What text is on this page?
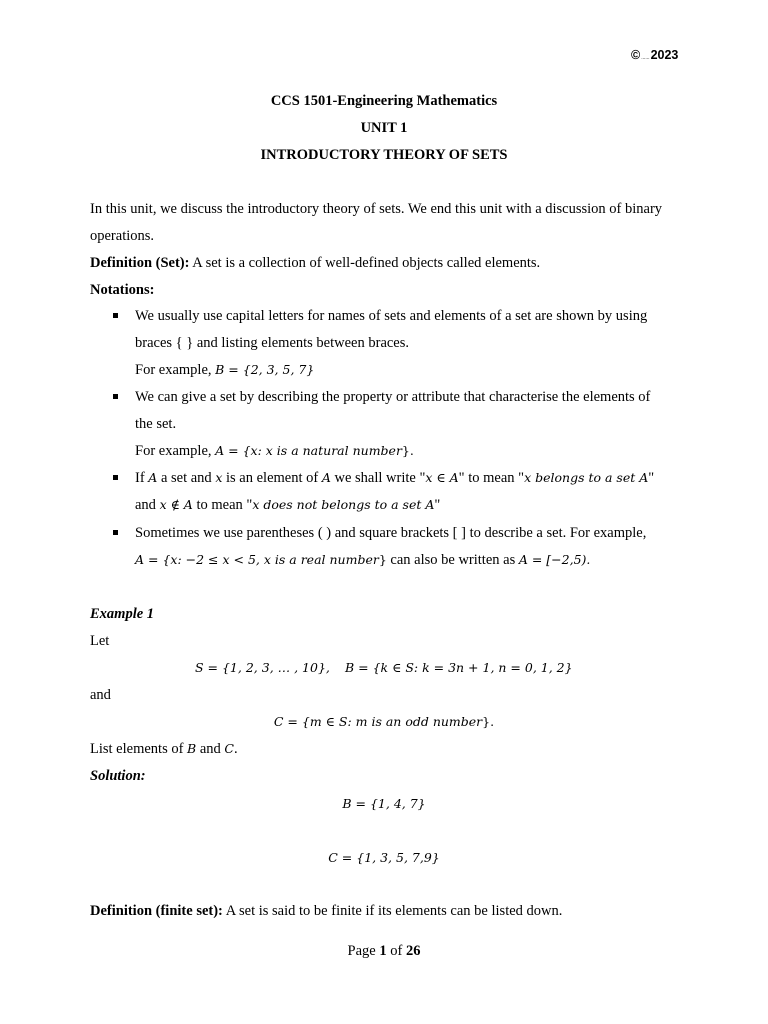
©......2023
CCS 1501-Engineering Mathematics
UNIT 1
INTRODUCTORY THEORY OF SETS
In this unit, we discuss the introductory theory of sets. We end this unit with a discussion of binary
operations.
Definition (Set): A set is a collection of well-defined objects called elements.
Notations:
We usually use capital letters for names of sets and elements of a set are shown by using
braces { } and listing elements between braces.
For example, B = {2, 3, 5, 7}
We can give a set by describing the property or attribute that characterise the elements of
the set.
For example, A = {x: x is a natural number}.
If A a set and x is an element of A we shall write "x ∈ A" to mean "x belongs to a set A"
and x ∉ A to mean "x does not belongs to a set A"
Sometimes we use parentheses ( ) and square brackets [ ] to describe a set. For example,
A = {x: −2 ≤ x < 5, x is a real number} can also be written as A = [−2,5).
Example 1
Let
S = {1, 2, 3, … , 10}, B = {k ∈ S: k = 3n + 1, n = 0, 1, 2}
and
C = {m ∈ S: m is an odd number}.
List elements of B and C.
Solution:
B = {1, 4, 7}
C = {1, 3, 5, 7,9}
Definition (finite set): A set is said to be finite if its elements can be listed down.
Page 1 of 26
